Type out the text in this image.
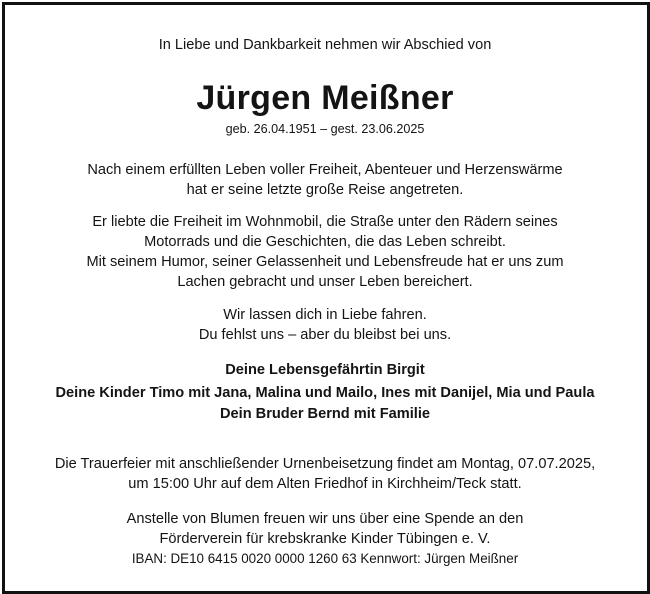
In Liebe und Dankbarkeit nehmen wir Abschied von
Jürgen Meißner
geb. 26.04.1951 – gest. 23.06.2025
Nach einem erfüllten Leben voller Freiheit, Abenteuer und Herzenswärme
hat er seine letzte große Reise angetreten.
Er liebte die Freiheit im Wohnmobil, die Straße unter den Rädern seines
Motorrads und die Geschichten, die das Leben schreibt.
Mit seinem Humor, seiner Gelassenheit und Lebensfreude hat er uns zum
Lachen gebracht und unser Leben bereichert.
Wir lassen dich in Liebe fahren.
Du fehlst uns – aber du bleibst bei uns.
Deine Lebensgefährtin Birgit
Deine Kinder Timo mit Jana, Malina und Mailo, Ines mit Danijel, Mia und Paula
Dein Bruder Bernd mit Familie
Die Trauerfeier mit anschließender Urnenbeisetzung findet am Montag, 07.07.2025,
um 15:00 Uhr auf dem Alten Friedhof in Kirchheim/Teck statt.
Anstelle von Blumen freuen wir uns über eine Spende an den
Förderverein für krebskranke Kinder Tübingen e. V.
IBAN: DE10 6415 0020 0000 1260 63 Kennwort: Jürgen Meißner
